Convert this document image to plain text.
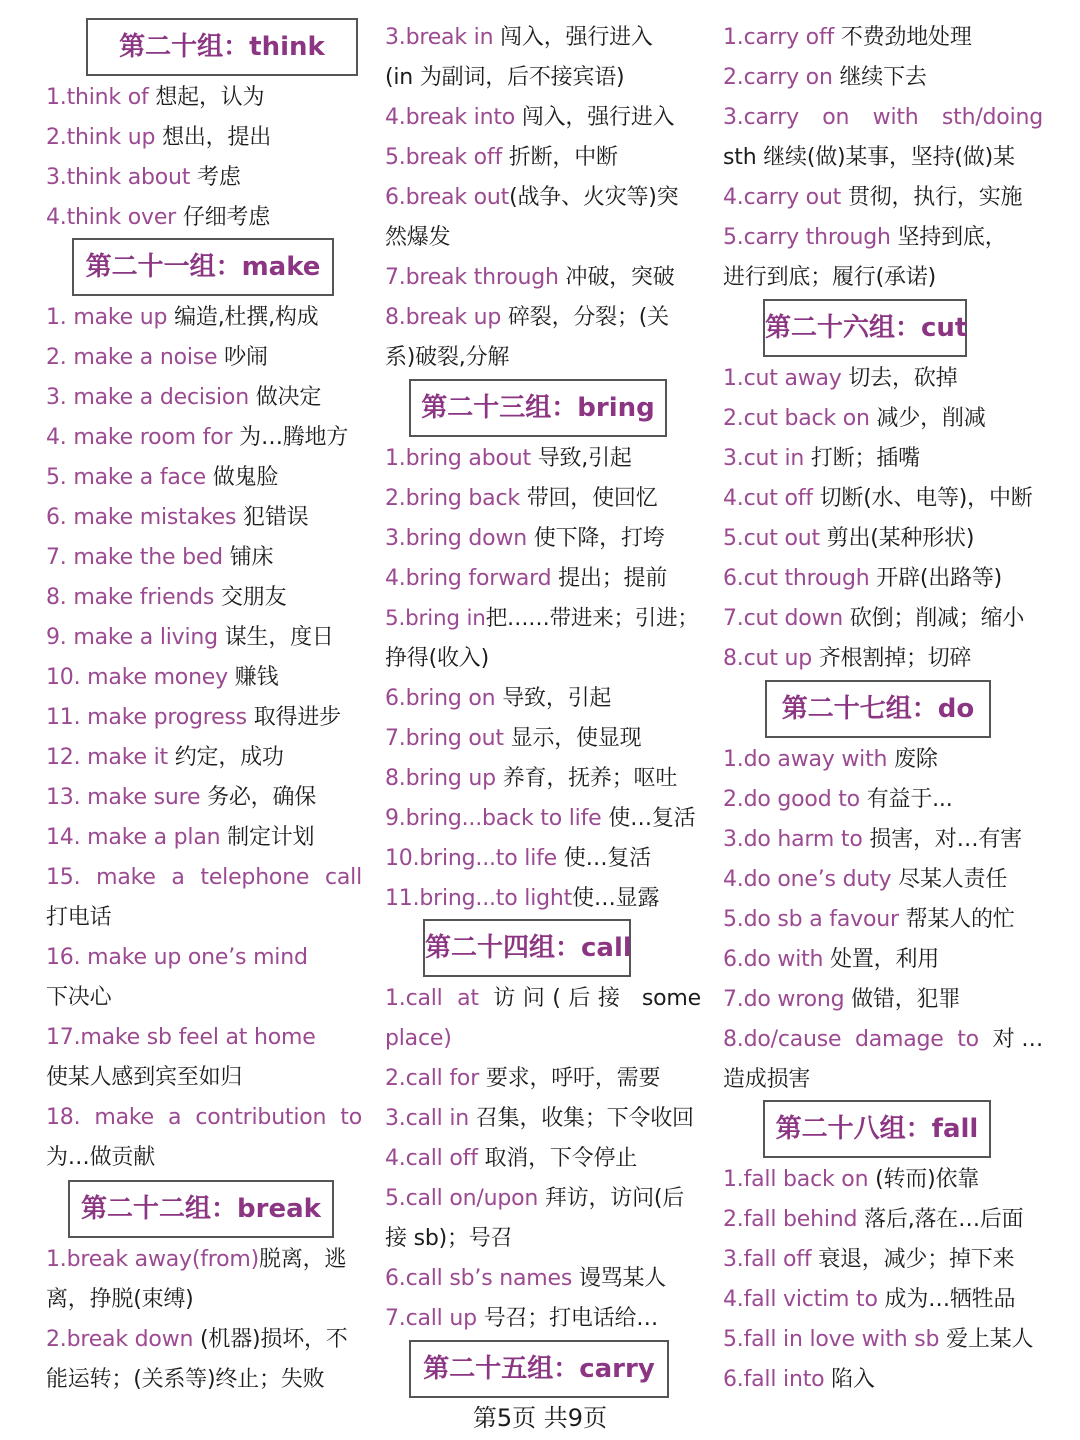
第二十组：think
1.think of 想起，认为
2.think up 想出，提出
3.think about 考虑
4.think over 仔细考虑
第二十一组：make
1. make up 编造,杜撰,构成
2. make a noise 吵闹
3. make a decision 做决定
4. make room for 为…腾地方
5. make a face 做鬼脸
6. make mistakes 犯错误
7. make the bed 铺床
8. make friends 交朋友
9. make a living 谋生，度日
10. make money 赚钱
11. make progress 取得进步
12. make it 约定，成功
13. make sure 务必，确保
14. make a plan 制定计划
15. make a telephone call
打电话
16. make up one’s mind
下决心
17.make sb feel at home
使某人感到宾至如归
18. make a contribution to
为…做贡献
第二十二组：break
1.break away(from)脱离，逃
离，挣脱(束缚)
2.break down (机器)损坏，不
能运转；(关系等)终止；失败
3.break in 闯入，强行进入
(in 为副词，后不接宾语)
4.break into 闯入，强行进入
5.break off 折断，中断
6.break out(战争、火灾等)突
然爆发
7.break through 冲破，突破
8.break up 碎裂，分裂；(关
系)破裂,分解
第二十三组：bring
1.bring about 导致,引起
2.bring back 带回，使回忆
3.bring down 使下降，打垮
4.bring forward 提出；提前
5.bring in把……带进来；引进；
挣得(收入)
6.bring on 导致，引起
7.bring out 显示，使显现
8.bring up 养育，抚养；呕吐
9.bring...back to life 使…复活
10.bring...to life 使…复活
11.bring...to light使…显露
第二十四组：call
1.call at 访问(后接 some
place)
2.call for 要求，呼吁，需要
3.call in 召集，收集；下令收回
4.call off 取消，下令停止
5.call on/upon 拜访，访问(后
接 sb)；号召
6.call sb’s names 谩骂某人
7.call up 号召；打电话给…
第二十五组：carry
1.carry off 不费劲地处理
2.carry on 继续下去
3.carry on with sth/doing
sth 继续(做)某事，坚持(做)某
4.carry out 贯彻，执行，实施
5.carry through 坚持到底，
进行到底；履行(承诺)
第二十六组：cut
1.cut away 切去，砍掉
2.cut back on 减少，削减
3.cut in 打断；插嘴
4.cut off 切断(水、电等)，中断
5.cut out 剪出(某种形状)
6.cut through 开辟(出路等)
7.cut down 砍倒；削减；缩小
8.cut up 齐根割掉；切碎
第二十七组：do
1.do away with 废除
2.do good to 有益于...
3.do harm to 损害，对…有害
4.do one’s duty 尽某人责任
5.do sb a favour 帮某人的忙
6.do with 处置，利用
7.do wrong 做错，犯罪
8.do/cause damage to 对…
造成损害
第二十八组：fall
1.fall back on (转而)依靠
2.fall behind 落后,落在…后面
3.fall off 衰退，减少；掉下来
4.fall victim to 成为…牺牲品
5.fall in love with sb 爱上某人
6.fall into 陷入
第5页 共9页
